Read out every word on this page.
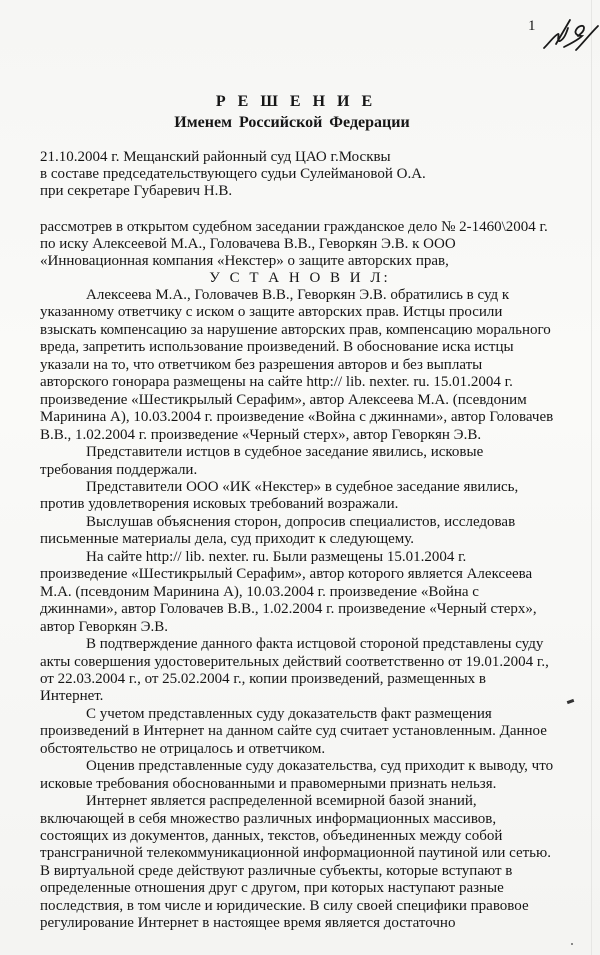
1
Р Е Ш Е Н И Е
Именем Российской Федерации
21.10.2004 г. Мещанский районный суд ЦАО г.Москвы
в составе председательствующего судьи Сулеймановой О.А.
при секретаре Губаревич Н.В.
рассмотрев в открытом судебном заседании гражданское дело № 2-1460\2004 г.
по иску Алексеевой М.А., Головачева В.В., Геворкян Э.В. к ООО
«Инновационная компания «Некстер» о защите авторских прав,
У С Т А Н О В И Л:
Алексеева М.А., Головачев В.В., Геворкян Э.В. обратились в суд к
указанному ответчику с иском о защите авторских прав. Истцы просили
взыскать компенсацию за нарушение авторских прав, компенсацию морального
вреда, запретить использование произведений. В обоснование иска истцы
указали на то, что ответчиком без разрешения авторов и без выплаты
авторского гонорара размещены на сайте http:// lib. nexter. ru. 15.01.2004 г.
произведение «Шестикрылый Серафим», автор Алексеева М.А. (псевдоним
Маринина А), 10.03.2004 г. произведение «Война с джиннами», автор Головачев
В.В., 1.02.2004 г. произведение «Черный стерх», автор Геворкян Э.В.
Представители истцов в судебное заседание явились, исковые
требования поддержали.
Представители ООО «ИК «Некстер» в судебное заседание явились,
против удовлетворения исковых требований возражали.
Выслушав объяснения сторон, допросив специалистов, исследовав
письменные материалы дела, суд приходит к следующему.
На сайте http:// lib. nexter. ru. Были размещены 15.01.2004 г.
произведение «Шестикрылый Серафим», автор которого является Алексеева
М.А. (псевдоним Маринина А), 10.03.2004 г. произведение «Война с
джиннами», автор Головачев В.В., 1.02.2004 г. произведение «Черный стерх»,
автор Геворкян Э.В.
В подтверждение данного факта истцовой стороной представлены суду
акты совершения удостоверительных действий соответственно от 19.01.2004 г.,
от 22.03.2004 г., от 25.02.2004 г., копии произведений, размещенных в
Интернет.
С учетом представленных суду доказательств факт размещения
произведений в Интернет на данном сайте суд считает установленным. Данное
обстоятельство не отрицалось и ответчиком.
Оценив представленные суду доказательства, суд приходит к выводу, что
исковые требования обоснованными и правомерными признать нельзя.
Интернет является распределенной всемирной базой знаний,
включающей в себя множество различных информационных массивов,
состоящих из документов, данных, текстов, объединенных между собой
трансграничной телекоммуникационной информационной паутиной или сетью.
В виртуальной среде действуют различные субъекты, которые вступают в
определенные отношения друг с другом, при которых наступают разные
последствия, в том числе и юридические. В силу своей специфики правовое
регулирование Интернет в настоящее время является достаточно
